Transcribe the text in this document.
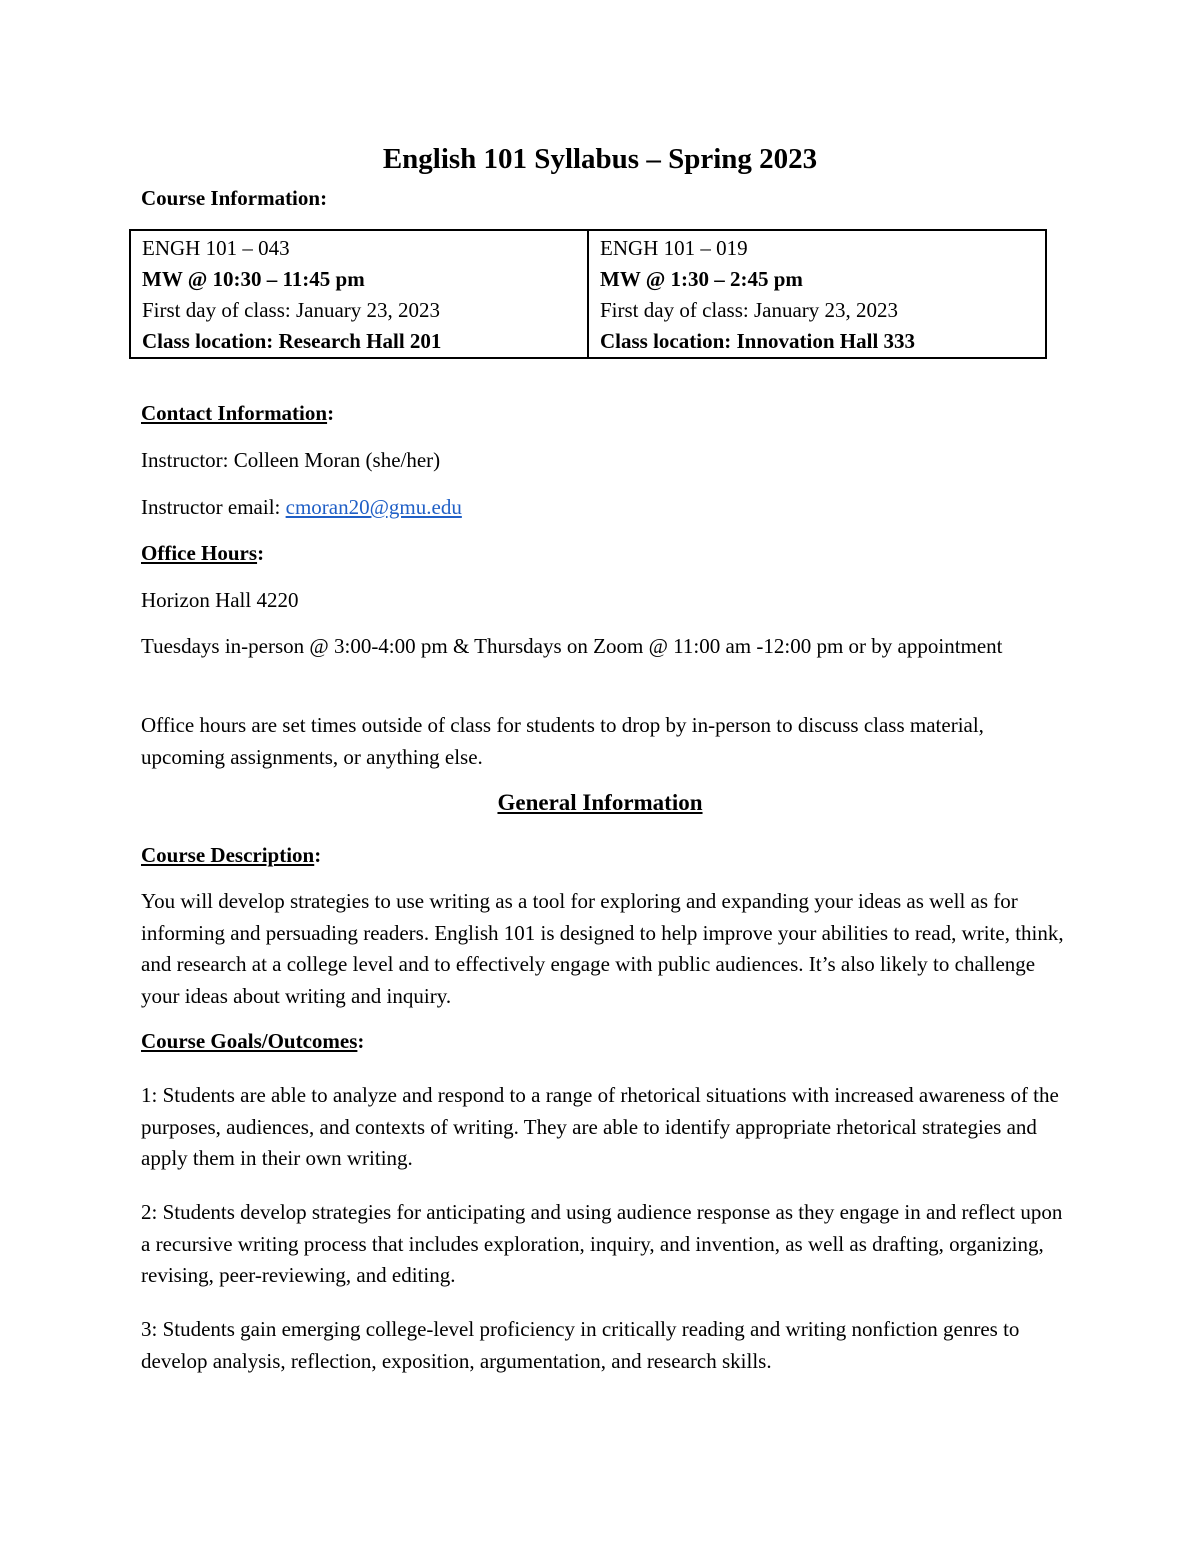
English 101 Syllabus – Spring 2023
Course Information:
ENGH 101 – 043
MW @ 10:30 – 11:45 pm
First day of class: January 23, 2023
Class location: Research Hall 201

ENGH 101 – 019
MW @ 1:30 – 2:45 pm
First day of class: January 23, 2023
Class location: Innovation Hall 333
Contact Information:
Instructor: Colleen Moran (she/her)
Instructor email: cmoran20@gmu.edu
Office Hours:
Horizon Hall 4220
Tuesdays in-person @ 3:00-4:00 pm & Thursdays on Zoom @ 11:00 am -12:00 pm or by appointment
Office hours are set times outside of class for students to drop by in-person to discuss class material, upcoming assignments, or anything else.
General Information
Course Description:
You will develop strategies to use writing as a tool for exploring and expanding your ideas as well as for informing and persuading readers. English 101 is designed to help improve your abilities to read, write, think, and research at a college level and to effectively engage with public audiences. It’s also likely to challenge your ideas about writing and inquiry.
Course Goals/Outcomes:
1: Students are able to analyze and respond to a range of rhetorical situations with increased awareness of the purposes, audiences, and contexts of writing. They are able to identify appropriate rhetorical strategies and apply them in their own writing.
2: Students develop strategies for anticipating and using audience response as they engage in and reflect upon a recursive writing process that includes exploration, inquiry, and invention, as well as drafting, organizing, revising, peer-reviewing, and editing.
3: Students gain emerging college-level proficiency in critically reading and writing nonfiction genres to develop analysis, reflection, exposition, argumentation, and research skills.
